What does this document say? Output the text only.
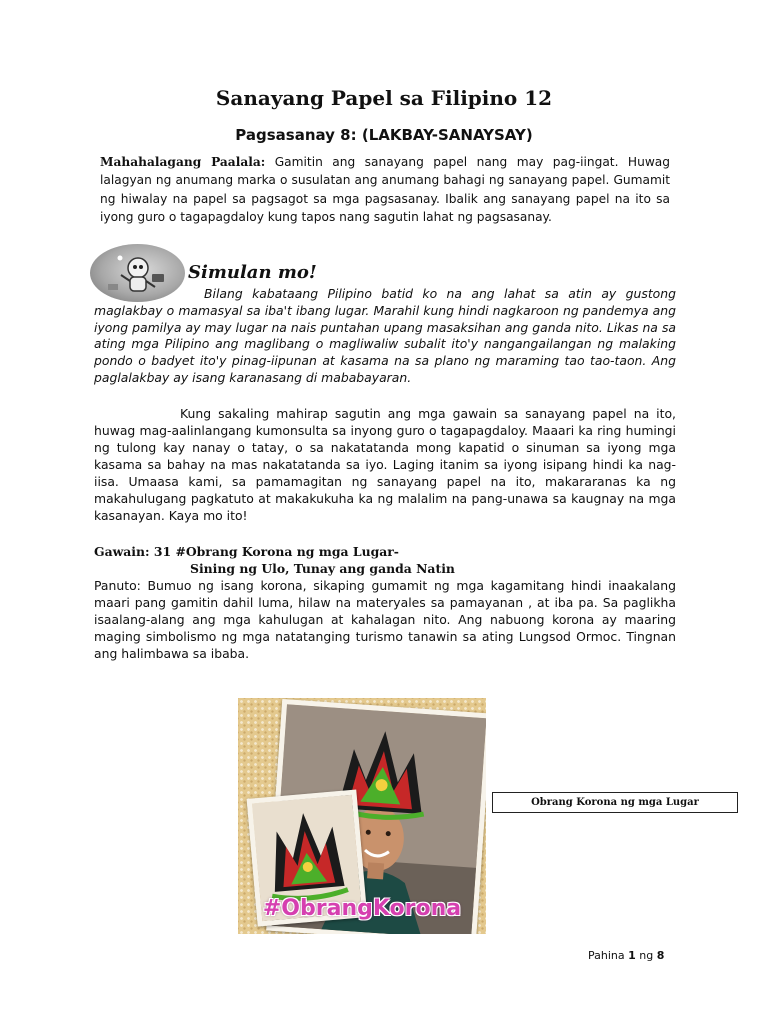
Sanayang Papel sa Filipino 12
Pagsasanay 8: (LAKBAY-SANAYSAY)
Mahahalagang Paalala: Gamitin ang sanayang papel nang may pag-iingat. Huwag lalagyan ng anumang marka o susulatan ang anumang bahagi ng sanayang papel. Gumamit ng hiwalay na papel sa pagsagot sa mga pagsasanay. Ibalik ang sanayang papel na ito sa iyong guro o tagapagdaloy kung tapos nang sagutin lahat ng pagsasanay.
Simulan mo!
Bilang kabataang Pilipino batid ko na ang lahat sa atin ay gustong maglakbay o mamasyal sa iba't ibang lugar. Marahil kung hindi nagkaroon ng pandemya ang iyong pamilya ay may lugar na nais puntahan upang masaksihan ang ganda nito. Likas na sa ating mga Pilipino ang maglibang o magliwaliw subalit ito'y nangangailangan ng malaking pondo o badyet ito'y pinag-iipunan at kasama na sa plano ng maraming tao tao-taon. Ang paglalakbay ay isang karanasang di mababayaran.
Kung sakaling mahirap sagutin ang mga gawain sa sanayang papel na ito, huwag mag-aalinlangang kumonsulta sa inyong guro o tagapagdaloy. Maaari ka ring humingi ng tulong kay nanay o tatay, o sa nakatatanda mong kapatid o sinuman sa iyong mga kasama sa bahay na mas nakatatanda sa iyo. Laging itanim sa iyong isipang hindi ka nag-iisa. Umaasa kami, sa pamamagitan ng sanayang papel na ito, makararanas ka ng makahulugang pagkatuto at makakukuha ka ng malalim na pang-unawa sa kaugnay na mga kasanayan. Kaya mo ito!
Gawain: 31 #Obrang Korona ng mga Lugar-
Sining ng Ulo, Tunay ang ganda Natin
Panuto: Bumuo ng isang korona, sikaping gumamit ng mga kagamitang hindi inaakalang maari pang gamitin dahil luma, hilaw na materyales sa pamayanan , at iba pa. Sa paglikha isaalang-alang ang mga kahulugan at kahalagan nito. Ang nabuong korona ay maaring maging simbolismo ng mga natatanging turismo tanawin sa ating Lungsod Ormoc. Tingnan ang halimbawa sa ibaba.
#ObrangKorona
Obrang Korona ng mga Lugar
Pahina 1 ng 8
